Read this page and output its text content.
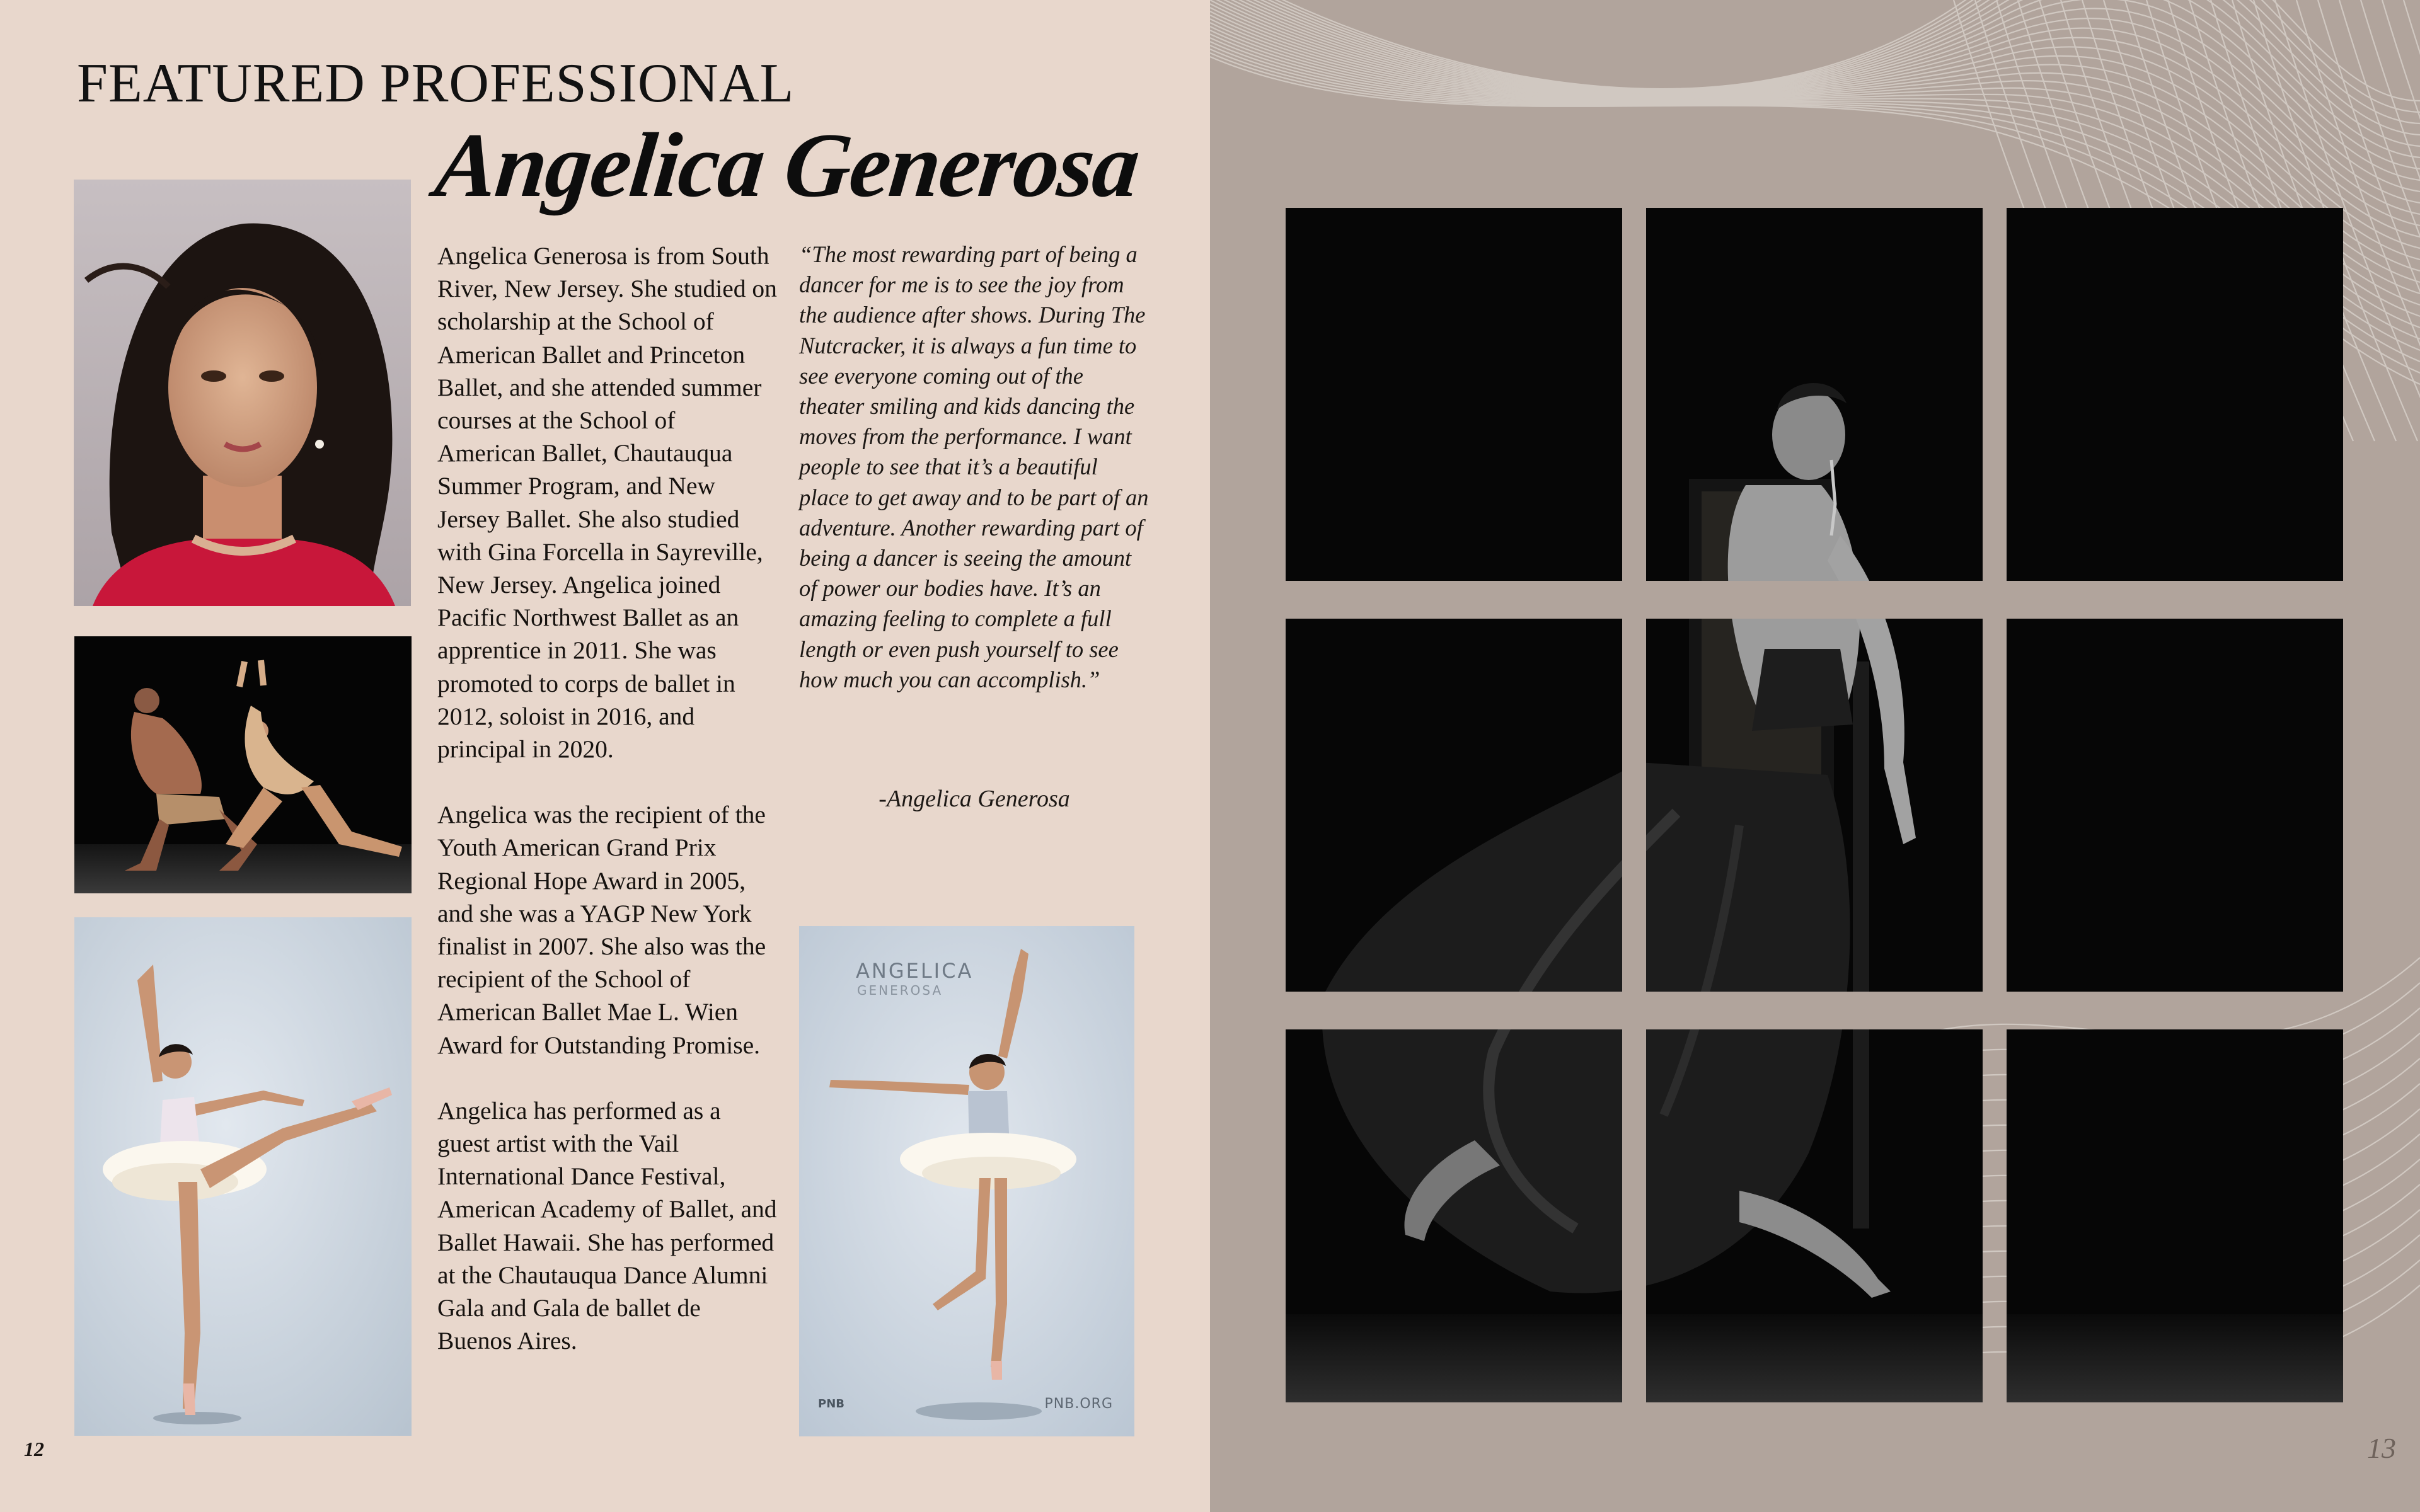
FEATURED PROFESSIONAL
Angelica Generosa

Angelica Generosa is from South River, New Jersey. She studied on scholarship at the School of American Ballet and Princeton Ballet, and she attended summer courses at the School of American Ballet, Chautauqua Summer Program, and New Jersey Ballet. She also studied with Gina Forcella in Sayreville, New Jersey. Angelica joined Pacific Northwest Ballet as an apprentice in 2011. She was promoted to corps de ballet in 2012, soloist in 2016, and principal in 2020.

Angelica was the recipient of the Youth American Grand Prix Regional Hope Award in 2005, and she was a YAGP New York finalist in 2007. She also was the recipient of the School of American Ballet Mae L. Wien Award for Outstanding Promise.

Angelica has performed as a guest artist with the Vail International Dance Festival, American Academy of Ballet, and Ballet Hawaii. She has performed at the Chautauqua Dance Alumni Gala and Gala de ballet de Buenos Aires.

“The most rewarding part of being a dancer for me is to see the joy from the audience after shows. During The Nutcracker, it is always a fun time to see everyone coming out of the theater smiling and kids dancing the moves from the performance. I want people to see that it’s a beautiful place to get away and to be part of an adventure. Another rewarding part of being a dancer is seeing the amount of power our bodies have. It’s an amazing feeling to complete a full length or even push yourself to see how much you can accomplish.”

-Angelica Generosa

ANGELICA
GENEROSA
PNB	PNB.ORG
12	13
